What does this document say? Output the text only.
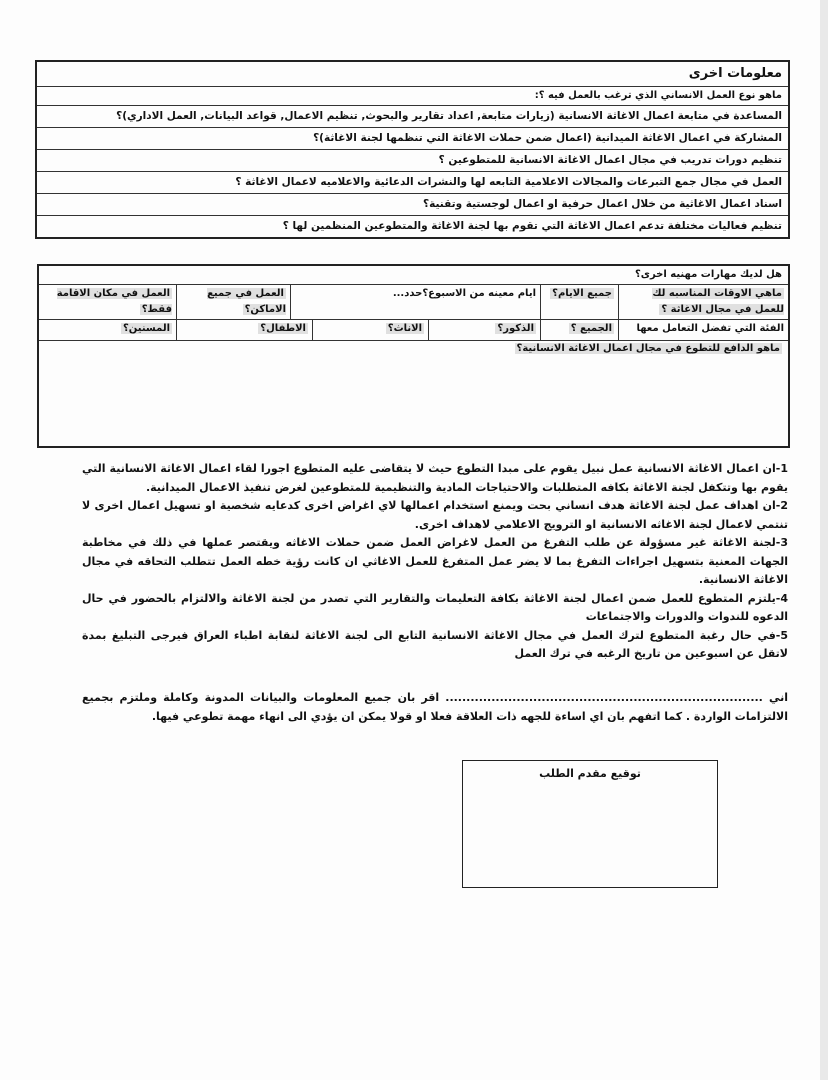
معلومات اخرى
ماهو نوع العمل الانساني الذي ترغب بالعمل فيه ؟:
المساعدة في متابعة اعمال الاغاثة الانسانية (زيارات متابعة, اعداد تقارير والبحوث, تنظيم الاعمال, قواعد البيانات, العمل الاداري)؟
المشاركة في اعمال الاغاثة الميدانية (اعمال ضمن حملات الاغاثة التي تنظمها لجنة الاغاثة)؟
تنظيم دورات تدريب في مجال اعمال الاغاثة الانسانية للمتطوعين ؟
العمل في مجال جمع التبرعات والمجالات الاعلامية التابعه لها والنشرات الدعائية والاعلاميه لاعمال الاغاثة ؟
اسناد اعمال الاغاثية من خلال اعمال حرفية او اعمال لوجستية وتقنية؟
تنظيم فعاليات مختلفة تدعم اعمال الاغاثة التي تقوم بها لجنة الاغاثة والمتطوعين المنظمين لها ؟
هل لديك مهارات مهنيه اخرى؟
ماهي الاوقات المناسبه لك للعمل في مجال الاغاثة ؟
جميع الايام؟
ايام معينه من الاسبوع؟حدد...
العمل في جميع الاماكن؟
العمل في مكان الاقامة فقط؟
الفئة التي تفضل التعامل معها
الجميع ؟
الذكور؟
الاناث؟
الاطفال؟
المسنين؟
ماهو الدافع للتطوع في مجال اعمال الاغاثة الانسانية؟

1-ان اعمال الاغاثة الانسانية عمل نبيل يقوم على مبدا التطوع حيث لا يتقاضى عليه المتطوع اجورا لقاء اعمال الاغاثة الانسانية التي يقوم بها وتتكفل لجنة الاغاثة بكافه المتطلبات والاحتياجات المادية والتنظيمية للمتطوعين لغرض تنفيذ الاعمال الميدانية.

2-ان اهداف عمل لجنة الاغاثة هدف انساني بحت ويمنع استخدام اعمالها لاي اغراض اخرى كدعايه شخصية او تسهيل اعمال اخرى لا تنتمي لاعمال لجنة الاغاثه الانسانية او الترويج الاعلامي لاهداف اخرى.

3-لجنة الاغاثة غير مسؤولة عن طلب التفرغ من العمل لاغراض العمل ضمن حملات الاغاثه ويقتصر عملها في ذلك في مخاطبة الجهات المعنية بتسهيل اجراءات التفرغ بما لا يضر عمل المتفرغ للعمل الاغاثي ان كانت رؤية خطه العمل تتطلب التحاقه في مجال الاغاثة الانسانية.

4-يلتزم المتطوع للعمل ضمن اعمال لجنة الاغاثة بكافة التعليمات والتقارير التي تصدر من لجنة الاغاثة والالتزام بالحضور في حال الدعوه للندوات والدورات والاجتماعات

5-في حال رغبة المتطوع لترك العمل في مجال الاغاثة الانسانية التابع الى لجنة الاغاثة لنقابة اطباء العراق فيرجى التبليغ بمدة لاتقل عن اسبوعين من تاريخ الرغبه في ترك العمل

اني ............................................................................ اقر بان جميع المعلومات والبيانات المدونة وكاملة وملتزم بجميع الالتزامات الواردة . كما اتفهم بان اي اساءة للجهه ذات العلاقة فعلا او قولا يمكن ان يؤدي الى انهاء مهمة تطوعي فيها.

توقيع مقدم الطلب
